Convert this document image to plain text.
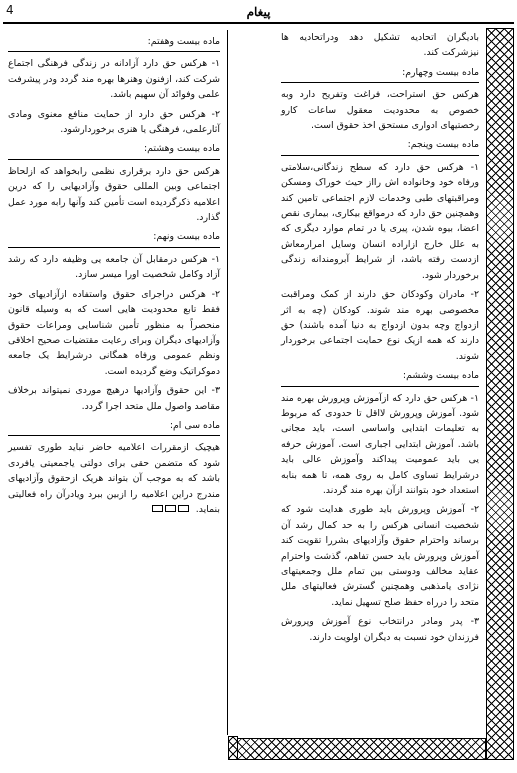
پیغام
4

بادیگران اتحادیه تشکیل دهد ودراتحادیه ها نیزشرکت کند.

ماده بیست وچهارم:

هرکس حق استراحت، فراغت وتفریح دارد وبه خصوص به محدودیت معقول ساعات کارو رخصتیهای ادواری مستحق اخذ حقوق است.

ماده بیست وپنجم:

۱- هرکس حق دارد که سطح زندگانی،سلامتی ورفاه خود وخانواده اش رااز حیث خوراک ومسکن ومراقبتهای طبی وخدمات لازم اجتماعی تامین کند وهمچنین حق دارد که درمواقع بیکاری، بیماری نقص اعضا، بیوه شدن، پیری یا در تمام موارد دیگری که به علل خارج ازاراده انسان وسایل امرارمعاش ازدست رفته باشد، از شرایط آبرومندانه زندگی برخوردار شود.

۲- مادران وکودکان حق دارند از کمک ومراقبت مخصوصی بهره مند شوند. کودکان (چه به اثر ازدواج وچه بدون ازدواج به دنیا آمده باشند) حق دارند که همه ازیک نوع حمایت اجتماعی برخوردار شوند.

ماده بیست وششم:

۱- هرکس حق دارد که ازآموزش وپرورش بهره مند شود. آموزش وپرورش لااقل تا حدودی که مربوط به تعلیمات ابتدایی واساسی است، باید مجانی باشد. آموزش ابتدایی اجباری است. آموزش حرفه یی باید عمومیت پیداکند وآموزش عالی باید درشرایط تساوی کامل به روی همه، تا همه بنابه استعداد خود بتوانند ازآن بهره مند گردند.

۲- آموزش وپرورش باید طوری هدایت شود که شخصیت انسانی هرکس را به حد کمال رشد آن برساند واحترام حقوق وآزادیهای بشررا تقویت کند آموزش وپرورش باید حسن تفاهم، گذشت واحترام عقاید مخالف ودوستی بین تمام ملل وجمعیتهای نژادی یامذهبی وهمچنین گسترش فعالیتهای ملل متحد را درراه حفظ صلح تسهیل نماید.

۳- پدر ومادر درانتخاب نوع آموزش وپرورش فرزندان خود نسبت به دیگران اولویت دارند.

ماده بیست وهفتم:

۱- هرکس حق دارد آزادانه در زندگی فرهنگی اجتماع شرکت کند، ازفنون وهنرها بهره مند گردد ودر پیشرفت علمی وفوائد آن سهیم باشد.

۲- هرکس حق دارد از حمایت منافع معنوی ومادی آثارعلمی، فرهنگی یا هنری برخوردارشود.

ماده بیست وهشتم:

هرکس حق دارد برقراری نظمی رابخواهد که ازلحاظ اجتماعی وبین المللی حقوق وآزادیهایی را که درین اعلامیه ذکرگردیده است تأمین کند وآنها رابه مورد عمل گذارد.

ماده بیست ونهم:

۱- هرکس درمقابل آن جامعه یی وظیفه دارد که رشد آزاد وکامل شخصیت اورا میسر سازد.

۲- هرکس دراجرای حقوق واستفاده ازآزادیهای خود فقط تابع محدودیت هایی است که به وسیله قانون منحصراً به منظور تأمین شناسایی ومراعات حقوق وآزادیهای دیگران وبرای رعایت مقتضیات صحیح اخلاقی ونظم عمومی ورفاه همگانی درشرایط یک جامعه دموکراتیک وضع گردیده است.

۳- این حقوق وآزادیها درهیچ موردی نمیتواند برخلاف مقاصد واصول ملل متحد اجرا گردد.

ماده سی ام:

هیچیک ازمقررات اعلامیه حاضر نباید طوری تفسیر شود که متضمن حقی برای دولتی یاجمعیتی یافردی باشد که به موجب آن بتواند هریک ازحقوق وآزادیهای مندرج دراین اعلامیه را ازبین ببرد ویادرآن راه فعالیتی بنماید.
